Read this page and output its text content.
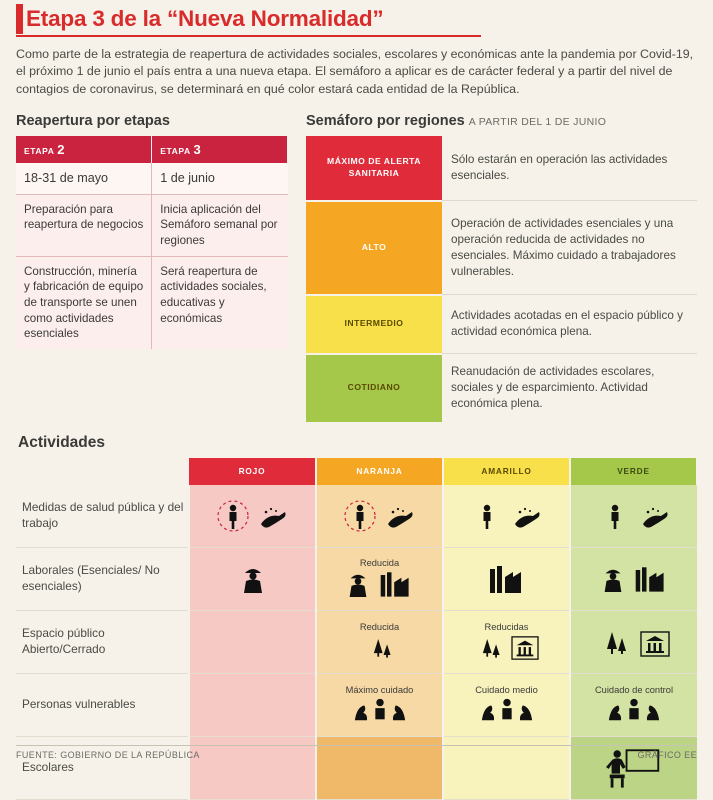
Etapa 3 de la “Nueva Normalidad”

Como parte de la estrategia de reapertura de actividades sociales, escolares y económicas ante la pandemia por Covid-19, el próximo 1 de junio el país entra a una nueva etapa. El semáforo a aplicar es de carácter federal y a partir del nivel de contagios de coronavirus, se determinará en qué color estará cada entidad de la República.

Reapertura por etapas
ETAPA 2	ETAPA 3
18-31 de mayo	1 de junio
Preparación para reapertura de negocios	Inicia aplicación del Semáforo semanal por regiones
Construcción, minería y fabricación de equipo de transporte se unen como actividades esenciales	Será reapertura de actividades sociales, educativas y económicas
Semáforo por regiones A PARTIR DEL 1 DE JUNIO
MÁXIMO DE ALERTA SANITARIA	Sólo estarán en operación las actividades esenciales.
ALTO	Operación de actividades esenciales y una operación reducida de actividades no esenciales. Máximo cuidado a trabajadores vulnerables.
INTERMEDIO	Actividades acotadas en el espacio público y actividad económica plena.
COTIDIANO	Reanudación de actividades escolares, sociales y de esparcimiento. Actividad económica plena.
Actividades
	ROJO	NARANJA	AMARILLO	VERDE
Medidas de salud pública y del trabajo	

Laborales (Esenciales/ No esenciales)		Reducida

Espacio público Abierto/Cerrado		Reducida	Reducidas

Personas vulnerables		Máximo cuidado	Cuidado medio	Cuidado de control

Escolares				
FUENTE: GOBIERNO DE LA REPÚBLICA	GRÁFICO EE
